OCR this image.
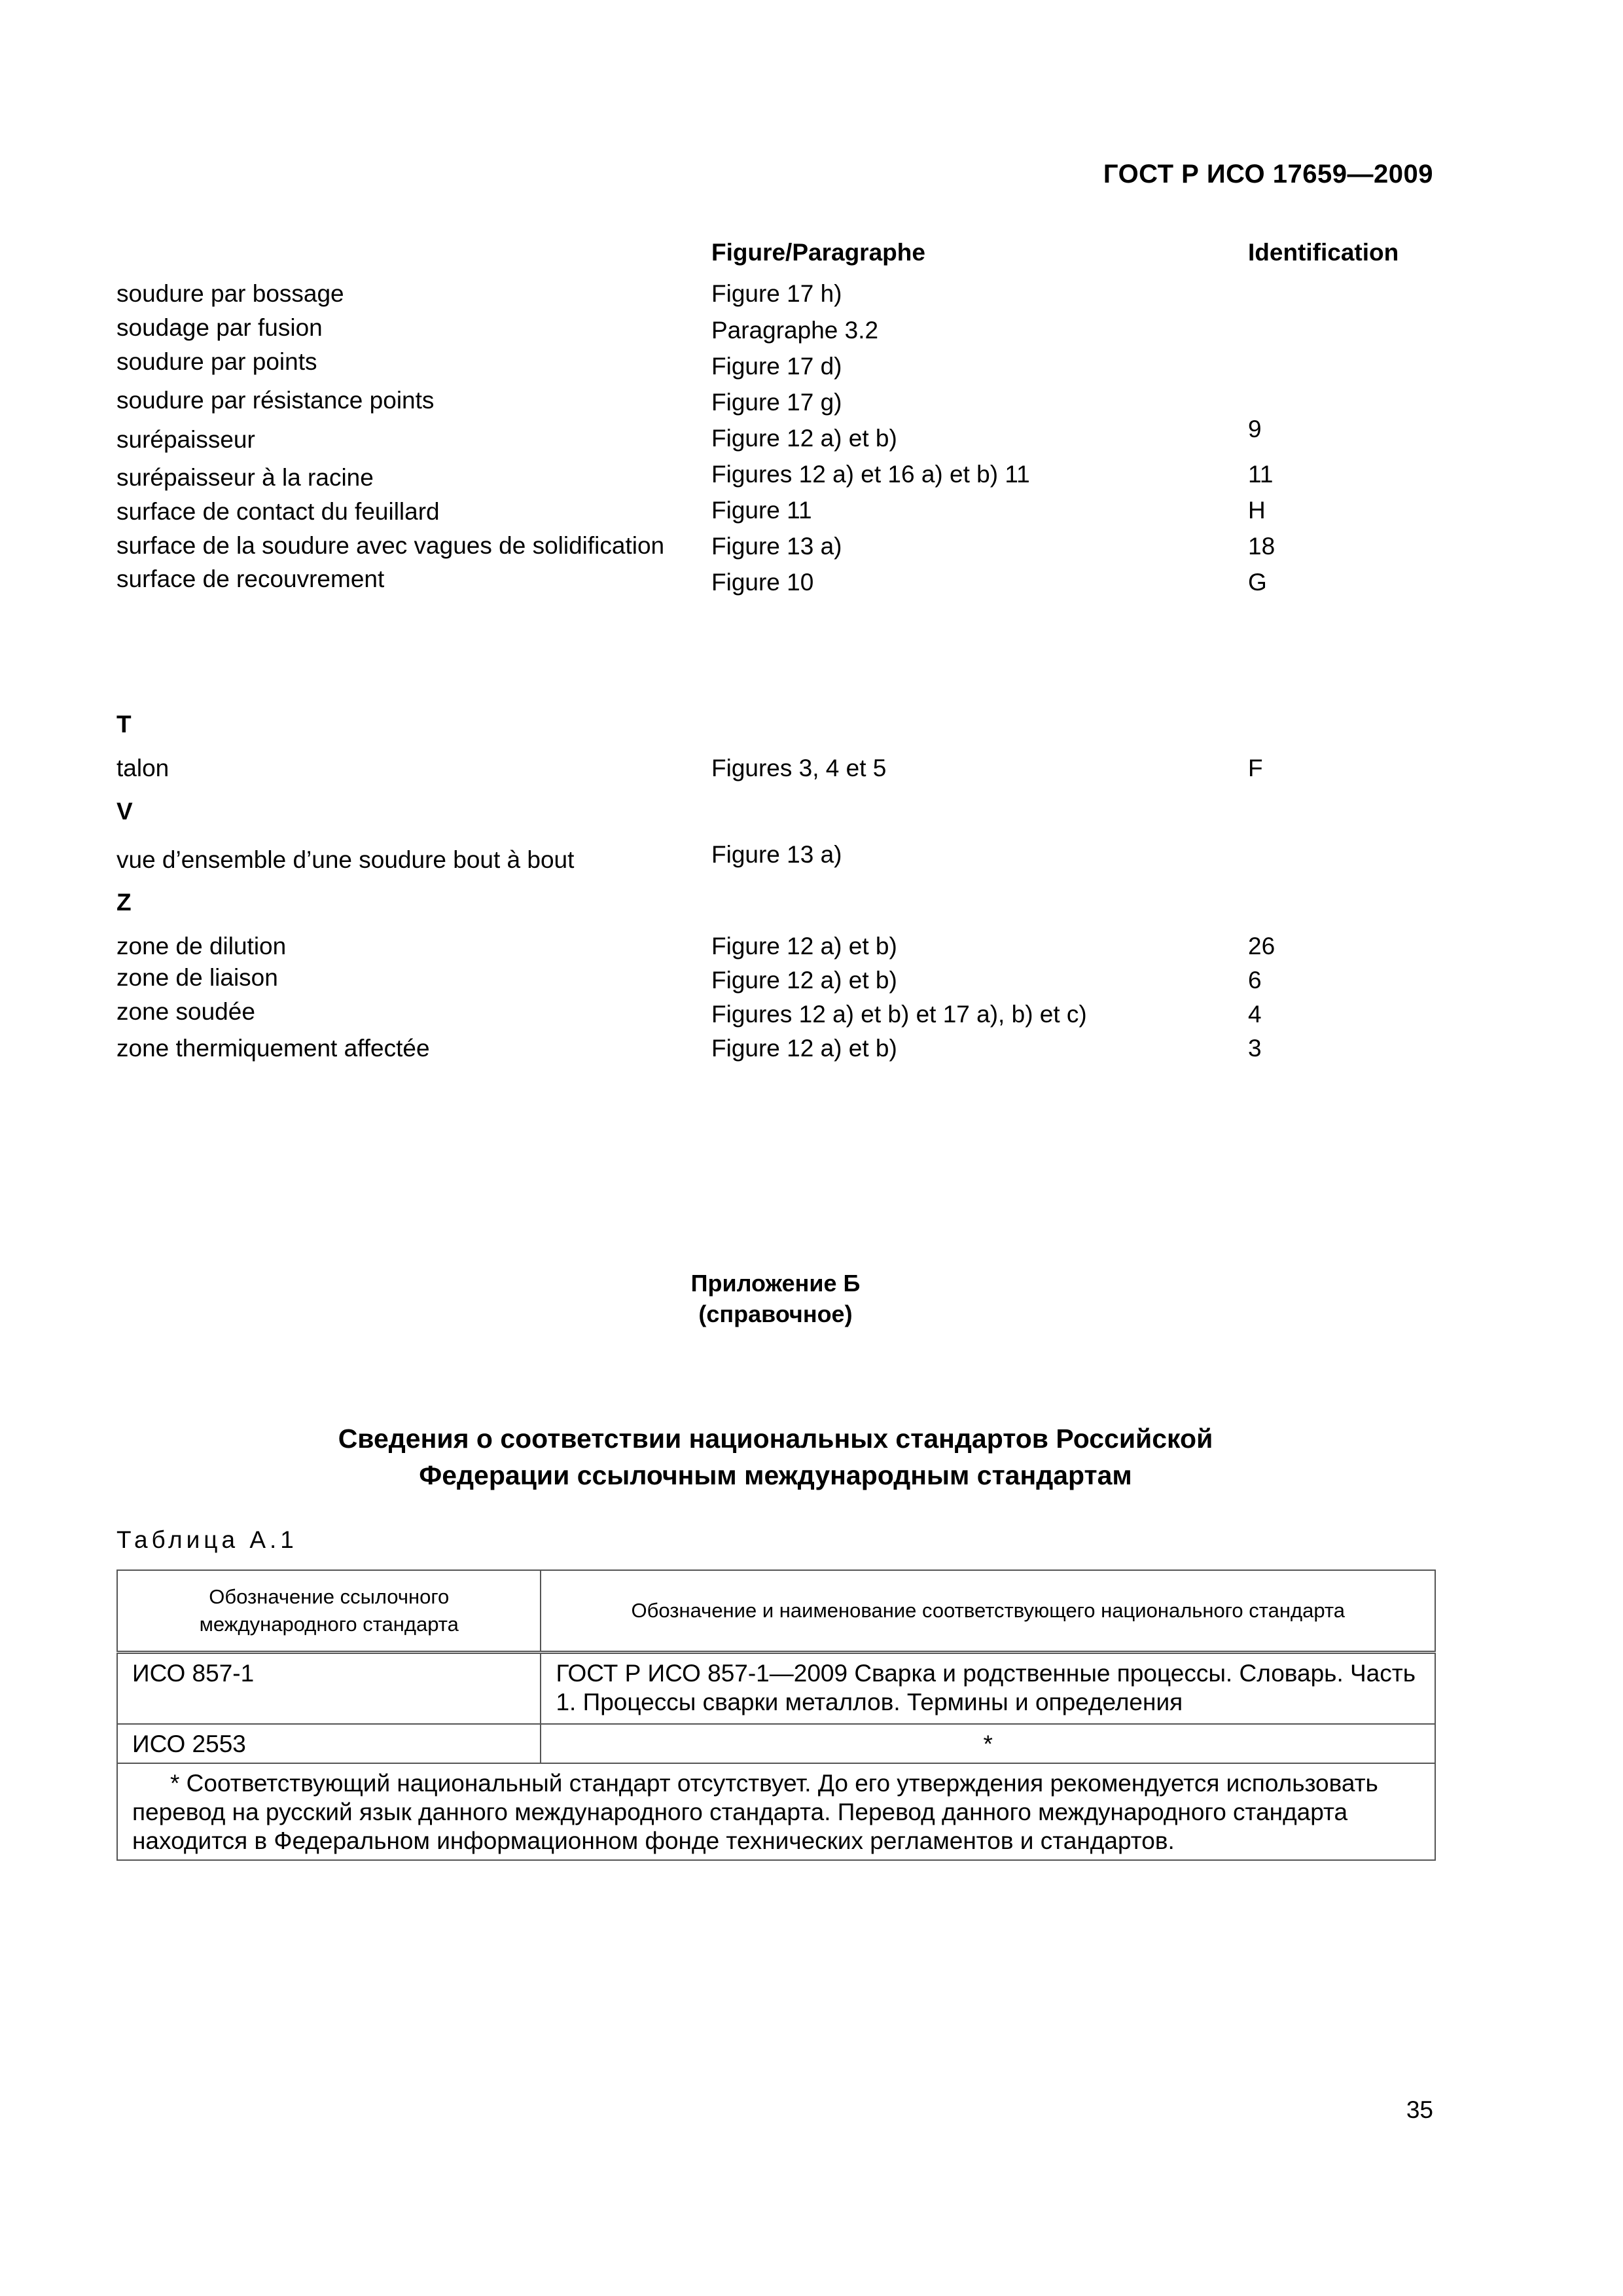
ГОСТ Р ИСО 17659—2009
Figure/Paragraphe	Identification
soudure par bossage	Figure 17 h)
soudage par fusion	Paragraphe 3.2
soudure par points	Figure 17 d)
soudure par résistance points	Figure 17 g)
surépaisseur	Figure 12 a) et b)	9
surépaisseur à la racine	Figures 12 a) et 16 a) et b) 11	11
surface de contact du feuillard	Figure 11	H
surface de la soudure avec vagues de solidification Figure 13 a)	18
surface de recouvrement	Figure 10	G
T
talon	Figures 3, 4 et 5	F
V
vue d’ensemble d’une soudure bout à bout	Figure 13 a)
Z
zone de dilution	Figure 12 a) et b)	26
zone de liaison	Figure 12 a) et b)	6
zone soudée	Figures 12 a) et b) et 17 a), b) et c)	4
zone thermiquement affectée	Figure 12 a) et b)	3
Приложение Б
(справочное)
Сведения о соответствии национальных стандартов Российской
Федерации ссылочным международным стандартам
Таблица А.1
Обозначение ссылочного международного стандарта	Обозначение и наименование соответствующего национального стандарта
ИСО 857-1	ГОСТ Р ИСО 857-1—2009 Сварка и родственные процессы. Словарь. Часть 1. Процессы сварки металлов. Термины и определения
ИСО 2553	*
* Соответствующий национальный стандарт отсутствует. До его утверждения рекомендуется использовать перевод на русский язык данного международного стандарта. Перевод данного международного стандарта находится в Федеральном информационном фонде технических регламентов и стандартов.	
35
